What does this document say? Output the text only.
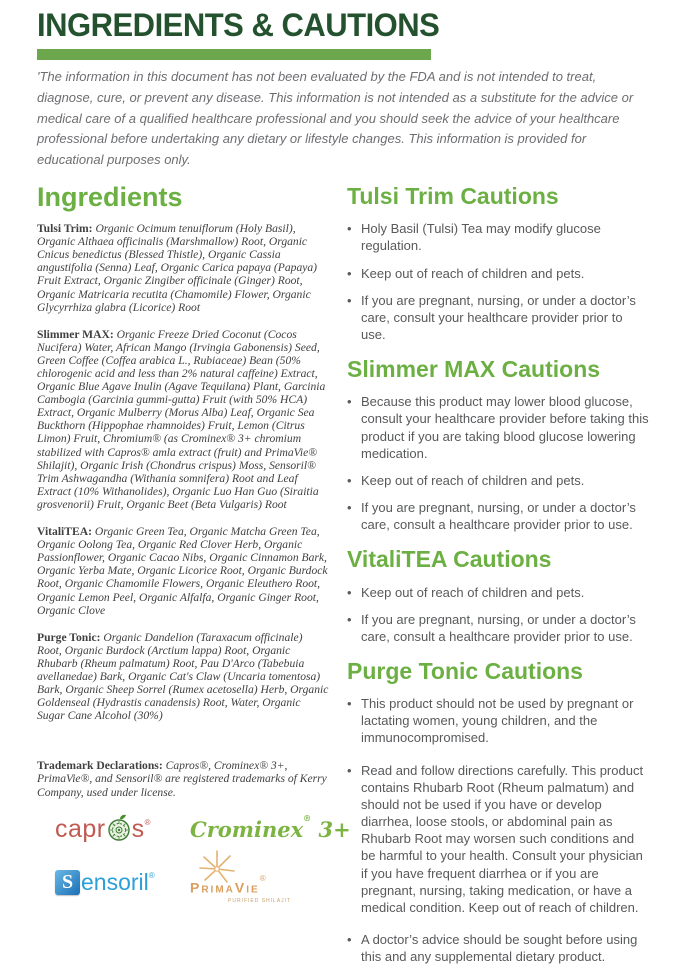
INGREDIENTS & CAUTIONS

'The information in this document has not been evaluated by the FDA and is not intended to treat, diagnose, cure, or prevent any disease. This information is not intended as a substitute for the advice or medical care of a qualified healthcare professional and you should seek the advice of your healthcare professional before undertaking any dietary or lifestyle changes. This information is provided for educational purposes only.

Ingredients

Tulsi Trim: Organic Ocimum tenuiflorum (Holy Basil), Organic Althaea officinalis (Marshmallow) Root, Organic Cnicus benedictus (Blessed Thistle), Organic Cassia angustifolia (Senna) Leaf, Organic Carica papaya (Papaya) Fruit Extract, Organic Zingiber officinale (Ginger) Root, Organic Matricaria recutita (Chamomile) Flower, Organic Glycyrrhiza glabra (Licorice) Root

Slimmer MAX: Organic Freeze Dried Coconut (Cocos Nucifera) Water, African Mango (Irvingia Gabonensis) Seed, Green Coffee (Coffea arabica L., Rubiaceae) Bean (50% chlorogenic acid and less than 2% natural caffeine) Extract, Organic Blue Agave Inulin (Agave Tequilana) Plant, Garcinia Cambogia (Garcinia gummi-gutta) Fruit (with 50% HCA) Extract, Organic Mulberry (Morus Alba) Leaf, Organic Sea Buckthorn (Hippophae rhamnoides) Fruit, Lemon (Citrus Limon) Fruit, Chromium® (as Crominex® 3+ chromium stabilized with Capros® amla extract (fruit) and PrimaVie® Shilajit), Organic Irish (Chondrus crispus) Moss, Sensoril® Trim Ashwagandha (Withania somnifera) Root and Leaf Extract (10% Withanolides), Organic Luo Han Guo (Siraitia grosvenorii) Fruit, Organic Beet (Beta Vulgaris) Root

VitaliTEA: Organic Green Tea, Organic Matcha Green Tea, Organic Oolong Tea, Organic Red Clover Herb, Organic Passionflower, Organic Cacao Nibs, Organic Cinnamon Bark, Organic Yerba Mate, Organic Licorice Root, Organic Burdock Root, Organic Chamomile Flowers, Organic Eleuthero Root, Organic Lemon Peel, Organic Alfalfa, Organic Ginger Root, Organic Clove

Purge Tonic: Organic Dandelion (Taraxacum officinale) Root, Organic Burdock (Arctium lappa) Root, Organic Rhubarb (Rheum palmatum) Root, Pau D'Arco (Tabebuia avellanedae) Bark, Organic Cat's Claw (Uncaria tomentosa) Bark, Organic Sheep Sorrel (Rumex acetosella) Herb, Organic Goldenseal (Hydrastis canadensis) Root, Water, Organic Sugar Cane Alcohol (30%)

Trademark Declarations: Capros®, Crominex® 3+, PrimaVie®, and Sensoril® are registered trademarks of Kerry Company, used under license.

capr s® Crominex® 3+
S ensoril®
PrimaVie®
PURIFIED SHILAJIT
Tulsi Trim Cautions
• Holy Basil (Tulsi) Tea may modify glucose regulation.
• Keep out of reach of children and pets.
• If you are pregnant, nursing, or under a doctor’s care, consult your healthcare provider prior to use.
Slimmer MAX Cautions
• Because this product may lower blood glucose, consult your healthcare provider before taking this product if you are taking blood glucose lowering medication.
• Keep out of reach of children and pets.
• If you are pregnant, nursing, or under a doctor’s care, consult a healthcare provider prior to use.
VitaliTEA Cautions
• Keep out of reach of children and pets.
• If you are pregnant, nursing, or under a doctor’s care, consult a healthcare provider prior to use.
Purge Tonic Cautions
• This product should not be used by pregnant or lactating women, young children, and the immunocompromised.
• Read and follow directions carefully. This product contains Rhubarb Root (Rheum palmatum) and should not be used if you have or develop diarrhea, loose stools, or abdominal pain as Rhubarb Root may worsen such conditions and be harmful to your health. Consult your physician if you have frequent diarrhea or if you are pregnant, nursing, taking medication, or have a medical condition. Keep out of reach of children.
• A doctor’s advice should be sought before using this and any supplemental dietary product.
